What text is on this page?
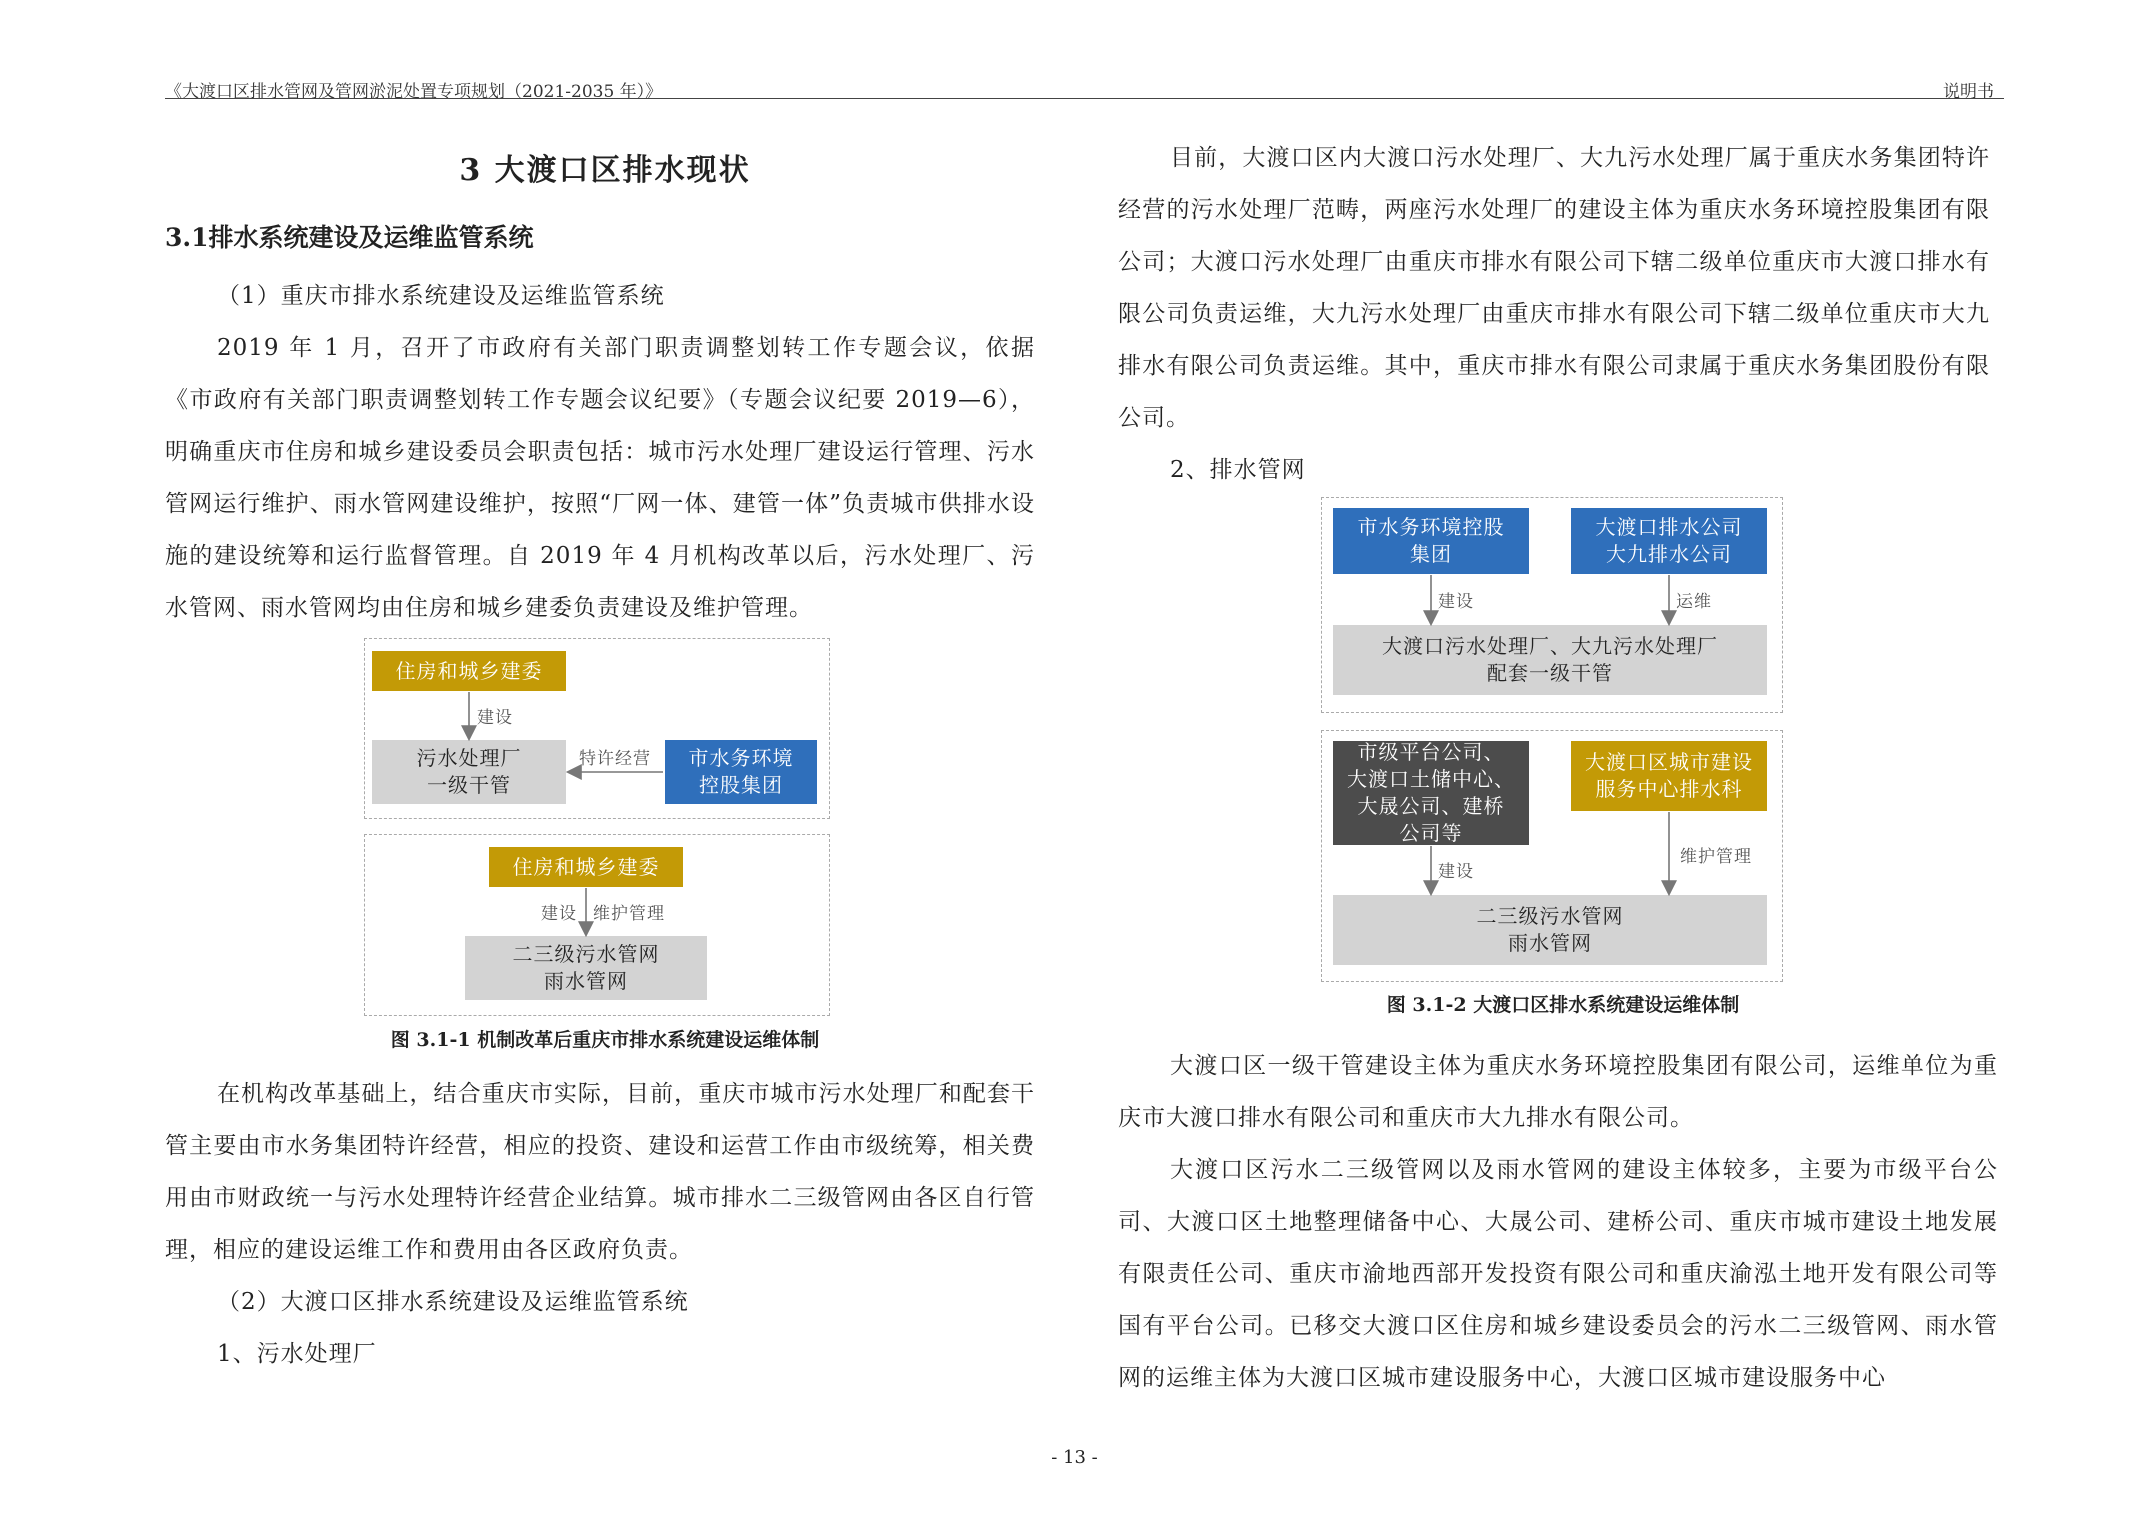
《大渡口区排水管网及管网淤泥处置专项规划（2021-2035 年）》	说明书
3 大渡口区排水现状
3.1排水系统建设及运维监管系统
（1）重庆市排水系统建设及运维监管系统
2019 年 1 月，召开了市政府有关部门职责调整划转工作专题会议，依据《市政府有关部门职责调整划转工作专题会议纪要》（专题会议纪要 2019—6），明确重庆市住房和城乡建设委员会职责包括：城市污水处理厂建设运行管理、污水管网运行维护、雨水管网建设维护，按照“厂网一体、建管一体”负责城市供排水设施的建设统筹和运行监督管理。自 2019 年 4 月机构改革以后，污水处理厂、污水管网、雨水管网均由住房和城乡建委负责建设及维护管理。
住房和城乡建委
污水处理厂
一级干管
市水务环境
控股集团
建设
特许经营
住房和城乡建委
二三级污水管网
雨水管网
建设 维护管理
图 3.1-1 机制改革后重庆市排水系统建设运维体制
在机构改革基础上，结合重庆市实际，目前，重庆市城市污水处理厂和配套干管主要由市水务集团特许经营，相应的投资、建设和运营工作由市级统筹，相关费用由市财政统一与污水处理特许经营企业结算。城市排水二三级管网由各区自行管理，相应的建设运维工作和费用由各区政府负责。
（2）大渡口区排水系统建设及运维监管系统
1、污水处理厂
目前，大渡口区内大渡口污水处理厂、大九污水处理厂属于重庆水务集团特许经营的污水处理厂范畴，两座污水处理厂的建设主体为重庆水务环境控股集团有限公司；大渡口污水处理厂由重庆市排水有限公司下辖二级单位重庆市大渡口排水有限公司负责运维，大九污水处理厂由重庆市排水有限公司下辖二级单位重庆市大九排水有限公司负责运维。其中，重庆市排水有限公司隶属于重庆水务集团股份有限公司。
2、排水管网
市水务环境控股
集团
大渡口排水公司
大九排水公司
大渡口污水处理厂、大九污水处理厂
配套一级干管
建设	运维
市级平台公司、
大渡口土储中心、
大晟公司、建桥
公司等
大渡口区城市建设
服务中心排水科
二三级污水管网
雨水管网
建设
维护管理
图 3.1-2 大渡口区排水系统建设运维体制
大渡口区一级干管建设主体为重庆水务环境控股集团有限公司，运维单位为重庆市大渡口排水有限公司和重庆市大九排水有限公司。
大渡口区污水二三级管网以及雨水管网的建设主体较多，主要为市级平台公司、大渡口区土地整理储备中心、大晟公司、建桥公司、重庆市城市建设土地发展有限责任公司、重庆市渝地西部开发投资有限公司和重庆渝泓土地开发有限公司等国有平台公司。已移交大渡口区住房和城乡建设委员会的污水二三级管网、雨水管网的运维主体为大渡口区城市建设服务中心，大渡口区城市建设服务中心
- 13 -
